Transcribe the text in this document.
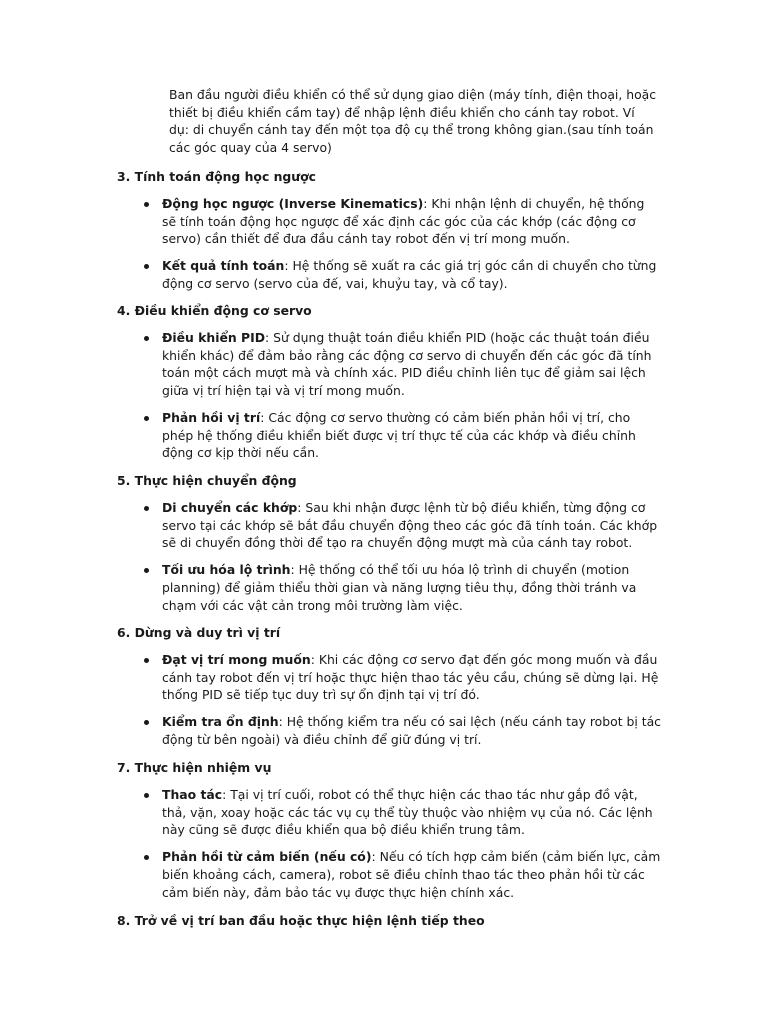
Ban đầu người điều khiển có thể sử dụng giao diện (máy tính, điện thoại, hoặc thiết bị điều khiển cầm tay) để nhập lệnh điều khiển cho cánh tay robot. Ví dụ: di chuyển cánh tay đến một tọa độ cụ thể trong không gian.(sau tính toán các góc quay của 4 servo)

3. Tính toán động học ngược

Động học ngược (Inverse Kinematics): Khi nhận lệnh di chuyển, hệ thống sẽ tính toán động học ngược để xác định các góc của các khớp (các động cơ servo) cần thiết để đưa đầu cánh tay robot đến vị trí mong muốn.
Kết quả tính toán: Hệ thống sẽ xuất ra các giá trị góc cần di chuyển cho từng động cơ servo (servo của đế, vai, khuỷu tay, và cổ tay).

4. Điều khiển động cơ servo

Điều khiển PID: Sử dụng thuật toán điều khiển PID (hoặc các thuật toán điều khiển khác) để đảm bảo rằng các động cơ servo di chuyển đến các góc đã tính toán một cách mượt mà và chính xác. PID điều chỉnh liên tục để giảm sai lệch giữa vị trí hiện tại và vị trí mong muốn.
Phản hồi vị trí: Các động cơ servo thường có cảm biến phản hồi vị trí, cho phép hệ thống điều khiển biết được vị trí thực tế của các khớp và điều chỉnh động cơ kịp thời nếu cần.

5. Thực hiện chuyển động

Di chuyển các khớp: Sau khi nhận được lệnh từ bộ điều khiển, từng động cơ servo tại các khớp sẽ bắt đầu chuyển động theo các góc đã tính toán. Các khớp sẽ di chuyển đồng thời để tạo ra chuyển động mượt mà của cánh tay robot.
Tối ưu hóa lộ trình: Hệ thống có thể tối ưu hóa lộ trình di chuyển (motion planning) để giảm thiểu thời gian và năng lượng tiêu thụ, đồng thời tránh va chạm với các vật cản trong môi trường làm việc.

6. Dừng và duy trì vị trí

Đạt vị trí mong muốn: Khi các động cơ servo đạt đến góc mong muốn và đầu cánh tay robot đến vị trí hoặc thực hiện thao tác yêu cầu, chúng sẽ dừng lại. Hệ thống PID sẽ tiếp tục duy trì sự ổn định tại vị trí đó.
Kiểm tra ổn định: Hệ thống kiểm tra nếu có sai lệch (nếu cánh tay robot bị tác động từ bên ngoài) và điều chỉnh để giữ đúng vị trí.

7. Thực hiện nhiệm vụ

Thao tác: Tại vị trí cuối, robot có thể thực hiện các thao tác như gắp đồ vật, thả, vặn, xoay hoặc các tác vụ cụ thể tùy thuộc vào nhiệm vụ của nó. Các lệnh này cũng sẽ được điều khiển qua bộ điều khiển trung tâm.
Phản hồi từ cảm biến (nếu có): Nếu có tích hợp cảm biến (cảm biến lực, cảm biến khoảng cách, camera), robot sẽ điều chỉnh thao tác theo phản hồi từ các cảm biến này, đảm bảo tác vụ được thực hiện chính xác.

8. Trở về vị trí ban đầu hoặc thực hiện lệnh tiếp theo
